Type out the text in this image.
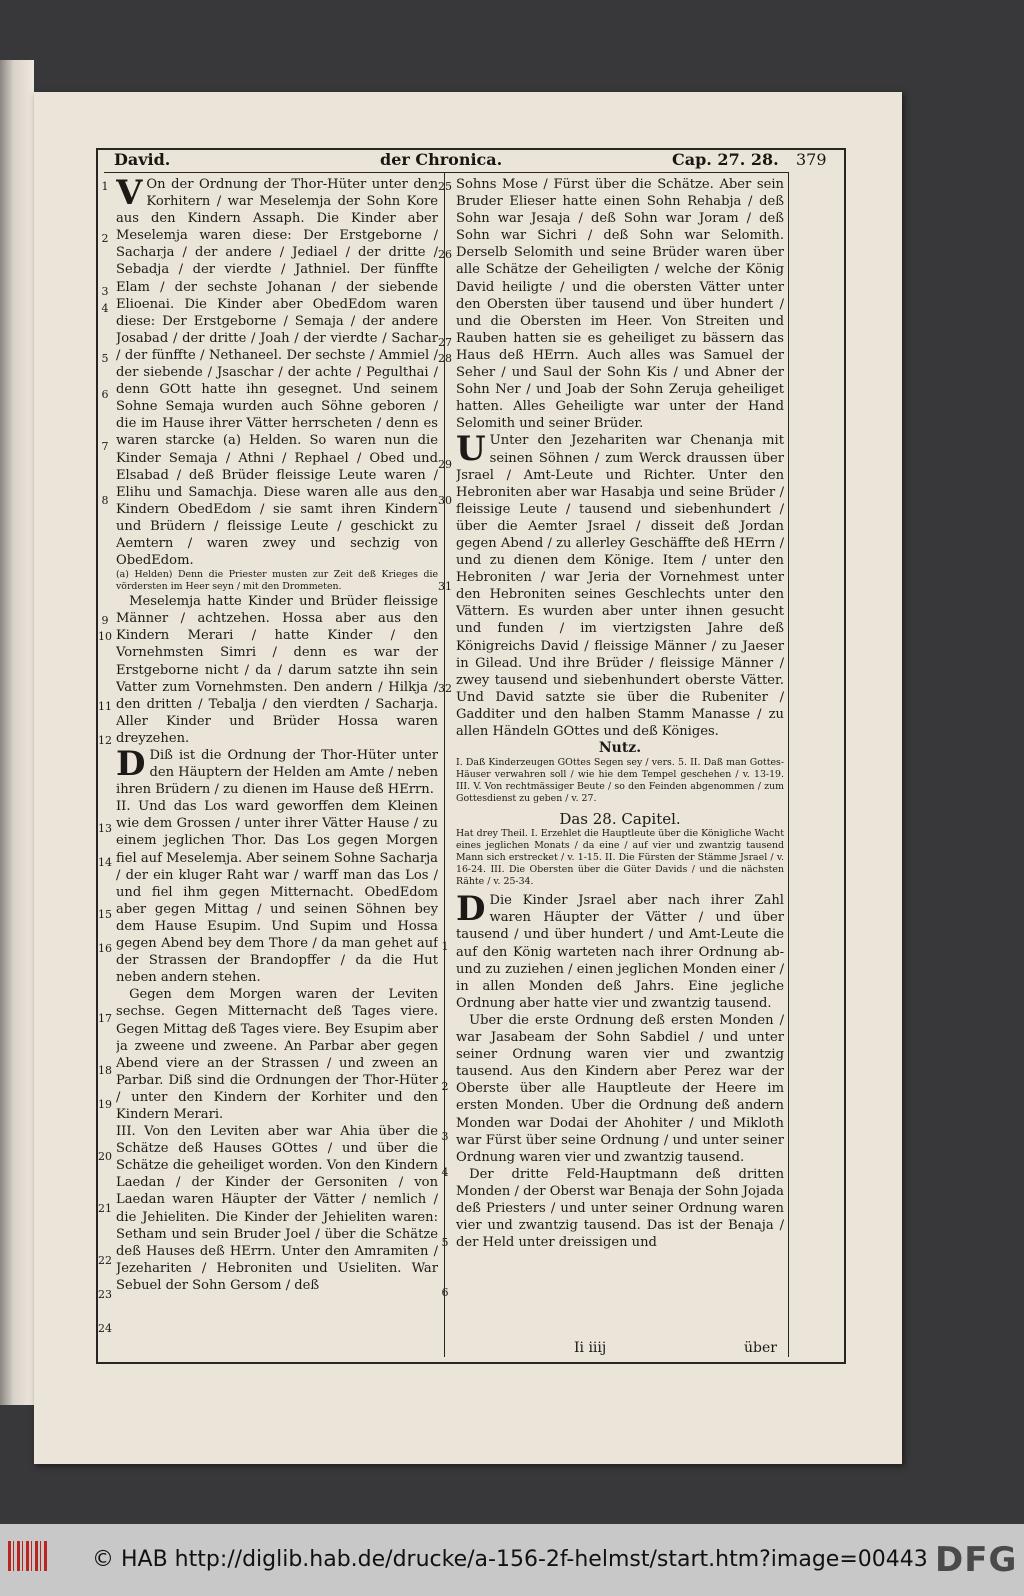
David.	der Chronica.	Cap. 27. 28. 379
1
2
3
4
5
6
7
8
9
10
11
12
13
14
15
16
17
18
19
20
21
22
23
24

V On der Ordnung der Thor-Hüter unter den Korhitern / war Meselemja der Sohn Kore aus den Kindern Assaph. Die Kinder aber Meselemja waren diese: Der Erstgeborne / Sacharja / der andere / Jediael / der dritte / Sebadja / der vierdte / Jathniel. Der fünffte Elam / der sechste Johanan / der siebende Elioenai. Die Kinder aber ObedEdom waren diese: Der Erstgeborne / Semaja / der andere Josabad / der dritte / Joah / der vierdte / Sachar / der fünffte / Nethaneel. Der sechste / Ammiel / der siebende / Jsaschar / der achte / Pegulthai / denn GOtt hatte ihn gesegnet. Und seinem Sohne Semaja wurden auch Söhne geboren / die im Hause ihrer Vätter herrscheten / denn es waren starcke (a) Helden. So waren nun die Kinder Semaja / Athni / Rephael / Obed und Elsabad / deß Brüder fleissige Leute waren / Elihu und Samachja. Diese waren alle aus den Kindern ObedEdom / sie samt ihren Kindern und Brüdern / fleissige Leute / geschickt zu Aemtern / waren zwey und sechzig von ObedEdom.

(a) Helden) Denn die Priester musten zur Zeit deß Krieges die vördersten im Heer seyn / mit den Drommeten.

Meselemja hatte Kinder und Brüder fleissige Männer / achtzehen. Hossa aber aus den Kindern Merari / hatte Kinder / den Vornehmsten Simri / denn es war der Erstgeborne nicht / da / darum satzte ihn sein Vatter zum Vornehmsten. Den andern / Hilkja / den dritten / Tebalja / den vierdten / Sacharja. Aller Kinder und Brüder Hossa waren dreyzehen.

D Diß ist die Ordnung der Thor-Hüter unter den Häuptern der Helden am Amte / neben ihren Brüdern / zu dienen im Hause deß HErrn.

II. Und das Los ward geworffen dem Kleinen wie dem Grossen / unter ihrer Vätter Hause / zu einem jeglichen Thor. Das Los gegen Morgen fiel auf Meselemja. Aber seinem Sohne Sacharja / der ein kluger Raht war / warff man das Los / und fiel ihm gegen Mitternacht. ObedEdom aber gegen Mittag / und seinen Söhnen bey dem Hause Esupim. Und Supim und Hossa gegen Abend bey dem Thore / da man gehet auf der Strassen der Brandopffer / da die Hut neben andern stehen.

Gegen dem Morgen waren der Leviten sechse. Gegen Mitternacht deß Tages viere. Gegen Mittag deß Tages viere. Bey Esupim aber ja zweene und zweene. An Parbar aber gegen Abend viere an der Strassen / und zween an Parbar. Diß sind die Ordnungen der Thor-Hüter / unter den Kindern der Korhiter und den Kindern Merari.

III. Von den Leviten aber war Ahia über die Schätze deß Hauses GOttes / und über die Schätze die geheiliget worden. Von den Kindern Laedan / der Kinder der Gersoniten / von Laedan waren Häupter der Vätter / nemlich / die Jehieliten. Die Kinder der Jehieliten waren: Setham und sein Bruder Joel / über die Schätze deß Hauses deß HErrn. Unter den Amramiten / Jezehariten / Hebroniten und Usieliten. War Sebuel der Sohn Gersom / deß

25
26
27
28
29
30
31
32
1
2
3
4
5
6

Sohns Mose / Fürst über die Schätze. Aber sein Bruder Elieser hatte einen Sohn Rehabja / deß Sohn war Jesaja / deß Sohn war Joram / deß Sohn war Sichri / deß Sohn war Selomith. Derselb Selomith und seine Brüder waren über alle Schätze der Geheiligten / welche der König David heiligte / und die obersten Vätter unter den Obersten über tausend und über hundert / und die Obersten im Heer. Von Streiten und Rauben hatten sie es geheiliget zu bässern das Haus deß HErrn. Auch alles was Samuel der Seher / und Saul der Sohn Kis / und Abner der Sohn Ner / und Joab der Sohn Zeruja geheiliget hatten. Alles Geheiligte war unter der Hand Selomith und seiner Brüder.

U Unter den Jezehariten war Chenanja mit seinen Söhnen / zum Werck draussen über Jsrael / Amt-Leute und Richter. Unter den Hebroniten aber war Hasabja und seine Brüder / fleissige Leute / tausend und siebenhundert / über die Aemter Jsrael / disseit deß Jordan gegen Abend / zu allerley Geschäffte deß HErrn / und zu dienen dem Könige. Item / unter den Hebroniten / war Jeria der Vornehmest unter den Hebroniten seines Geschlechts unter den Vättern. Es wurden aber unter ihnen gesucht und funden / im viertzigsten Jahre deß Königreichs David / fleissige Männer / zu Jaeser in Gilead. Und ihre Brüder / fleissige Männer / zwey tausend und siebenhundert oberste Vätter. Und David satzte sie über die Rubeniter / Gadditer und den halben Stamm Manasse / zu allen Händeln GOttes und deß Königes.

Nutz.

I. Daß Kinderzeugen GOttes Segen sey / vers. 5. II. Daß man Gottes-Häuser verwahren soll / wie hie dem Tempel geschehen / v. 13-19. III. V. Von rechtmässiger Beute / so den Feinden abgenommen / zum Gottesdienst zu geben / v. 27.

Das 28. Capitel.

Hat drey Theil. I. Erzehlet die Hauptleute über die Königliche Wacht eines jeglichen Monats / da eine / auf vier und zwantzig tausend Mann sich erstrecket / v. 1-15. II. Die Fürsten der Stämme Jsrael / v. 16-24. III. Die Obersten über die Güter Davids / und die nächsten Rähte / v. 25-34.

D Die Kinder Jsrael aber nach ihrer Zahl waren Häupter der Vätter / und über tausend / und über hundert / und Amt-Leute die auf den König warteten nach ihrer Ordnung ab- und zu zuziehen / einen jeglichen Monden einer / in allen Monden deß Jahrs. Eine jegliche Ordnung aber hatte vier und zwantzig tausend.

Uber die erste Ordnung deß ersten Monden / war Jasabeam der Sohn Sabdiel / und unter seiner Ordnung waren vier und zwantzig tausend. Aus den Kindern aber Perez war der Oberste über alle Hauptleute der Heere im ersten Monden. Uber die Ordnung deß andern Monden war Dodai der Ahohiter / und Mikloth war Fürst über seine Ordnung / und unter seiner Ordnung waren vier und zwantzig tausend.

Der dritte Feld-Hauptmann deß dritten Monden / der Oberst war Benaja der Sohn Jojada deß Priesters / und unter seiner Ordnung waren vier und zwantzig tausend. Das ist der Benaja / der Held unter dreissigen und

Ii iiij	über
© HAB http://diglib.hab.de/drucke/a-156-2f-helmst/start.htm?image=00443 DFG
